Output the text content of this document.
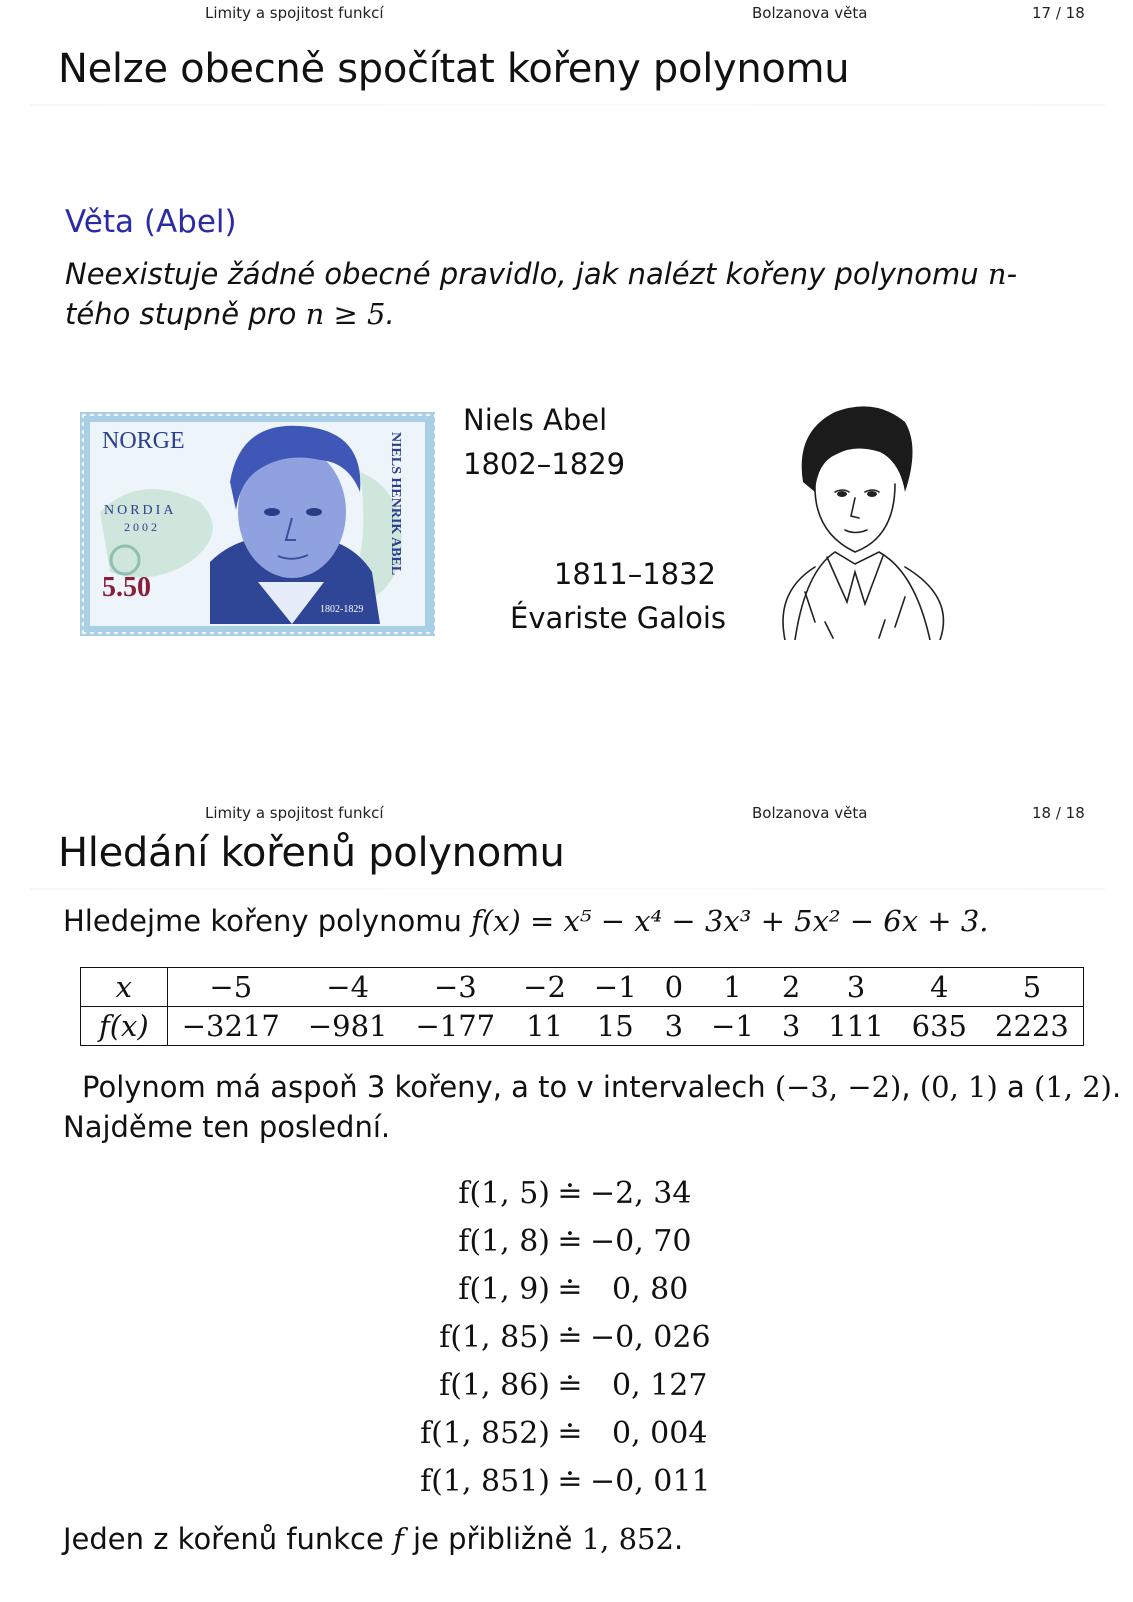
Limity a spojitost funkcí	Bolzanova věta	17 / 18
Nelze obecně spočítat kořeny polynomu
Věta (Abel)
Neexistuje žádné obecné pravidlo, jak nalézt kořeny polynomu n-tého stupně pro n ≥ 5.
NORGE
NORDIA
2002
5.50
NIELS HENRIK ABEL
1802-1829
Niels Abel
1802–1829
1811–1832
Évariste Galois
Limity a spojitost funkcí	Bolzanova věta	18 / 18
Hledání kořenů polynomu
Hledejme kořeny polynomu f(x) = x⁵ − x⁴ − 3x³ + 5x² − 6x + 3.
x	−5	−4	−3	−2	−1	0	1	2	3	4	5
f(x)	−3217	−981	−177	11	15	3	−1	3	111	635	2223
Polynom má aspoň 3 kořeny, a to v intervalech (−3, −2), (0, 1) a (1, 2).
Najděme ten poslední.
f(1, 5) ≐ −2, 34
f(1, 8) ≐ −0, 70
f(1, 9) ≐ 0, 80
f(1, 85) ≐ −0, 026
f(1, 86) ≐ 0, 127
f(1, 852) ≐ 0, 004
f(1, 851) ≐ −0, 011
Jeden z kořenů funkce f je přibližně 1, 852.
